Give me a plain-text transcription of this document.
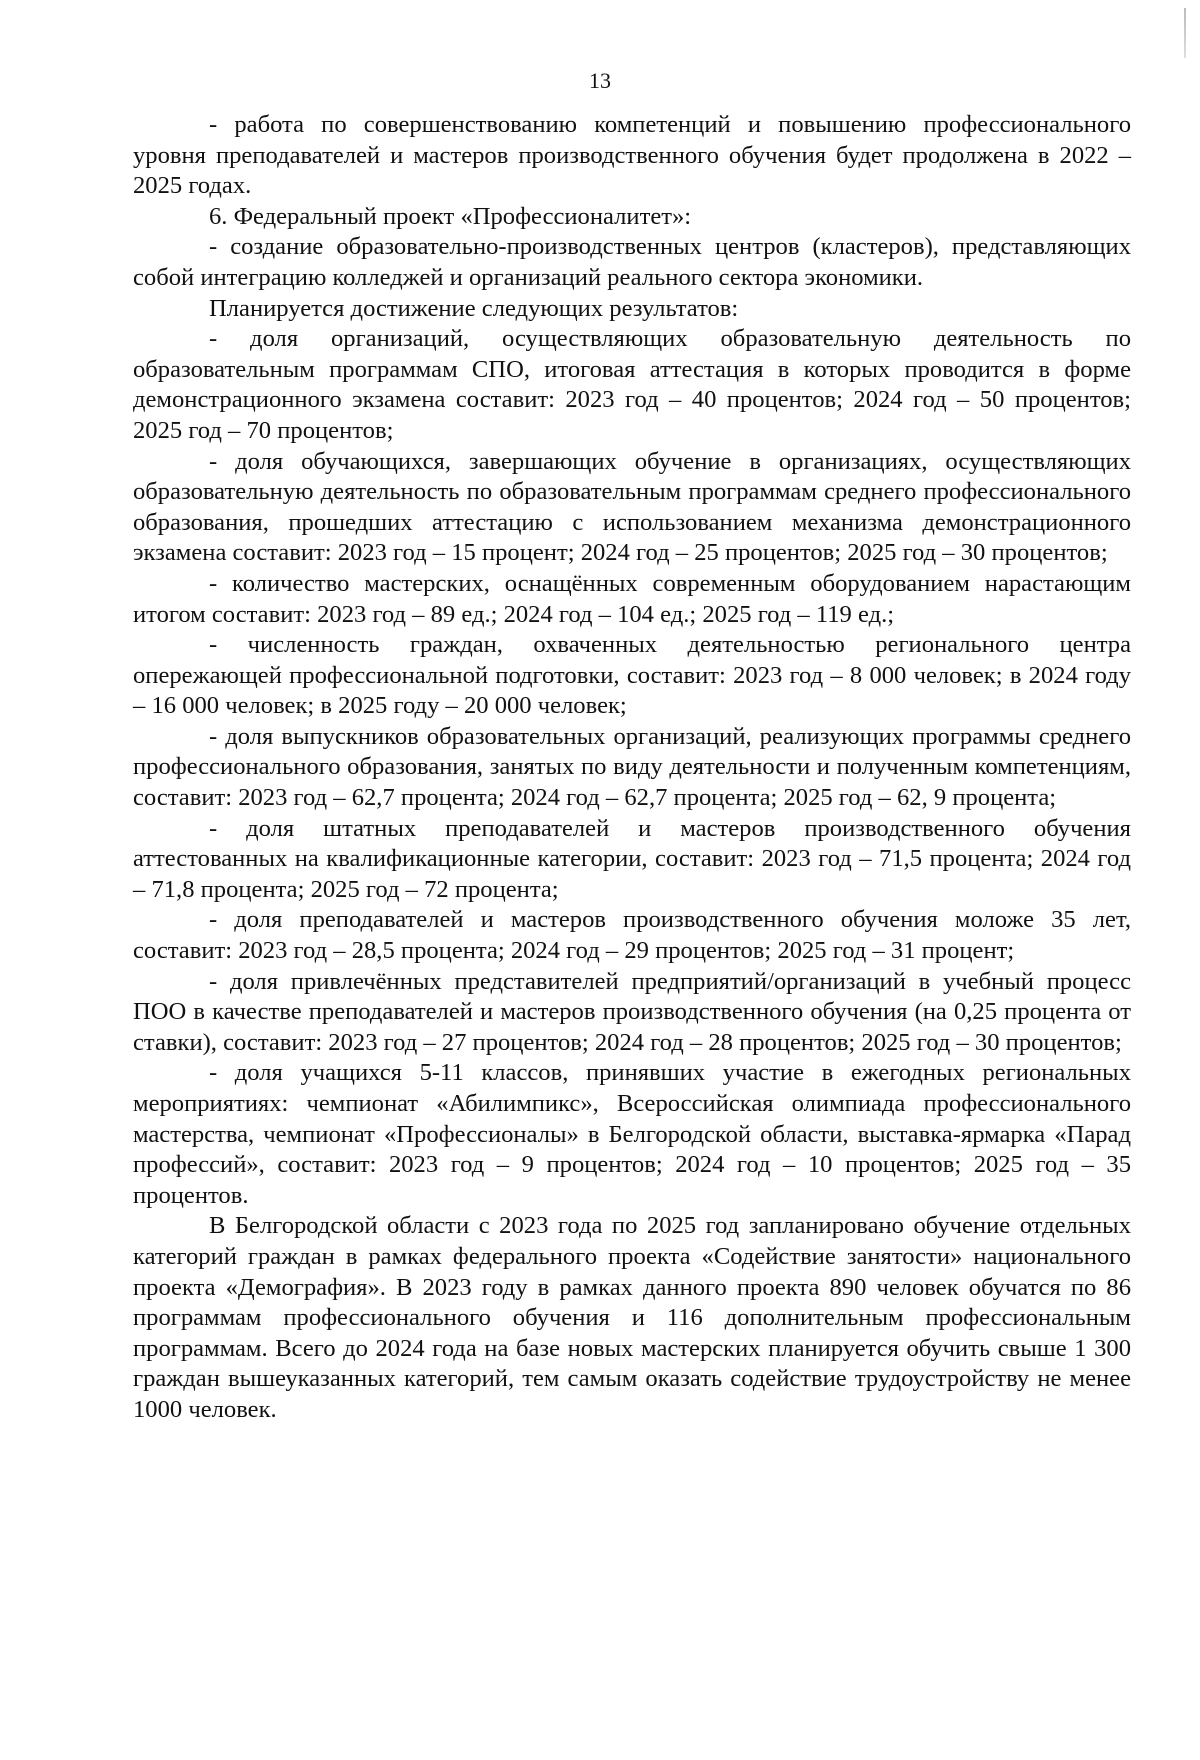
13

- работа по совершенствованию компетенций и повышению профессионального уровня преподавателей и мастеров производственного обучения будет продолжена в 2022 – 2025 годах.

6. Федеральный проект «Профессионалитет»:

- создание образовательно-производственных центров (кластеров), представляющих собой интеграцию колледжей и организаций реального сектора экономики.

Планируется достижение следующих результатов:

- доля организаций, осуществляющих образовательную деятельность по образовательным программам СПО, итоговая аттестация в которых проводится в форме демонстрационного экзамена составит: 2023 год – 40 процентов; 2024 год – 50 процентов; 2025 год – 70 процентов;

- доля обучающихся, завершающих обучение в организациях, осуществляющих образовательную деятельность по образовательным программам среднего профессионального образования, прошедших аттестацию с использованием механизма демонстрационного экзамена составит: 2023 год – 15 процент; 2024 год – 25 процентов; 2025 год – 30 процентов;

- количество мастерских, оснащённых современным оборудованием нарастающим итогом составит: 2023 год – 89 ед.; 2024 год – 104 ед.; 2025 год – 119 ед.;

- численность граждан, охваченных деятельностью регионального центра опережающей профессиональной подготовки, составит: 2023 год – 8 000 человек; в 2024 году – 16 000 человек; в 2025 году – 20 000 человек;

- доля выпускников образовательных организаций, реализующих программы среднего профессионального образования, занятых по виду деятельности и полученным компетенциям, составит: 2023 год – 62,7 процента; 2024 год – 62,7 процента; 2025 год – 62, 9 процента;

- доля штатных преподавателей и мастеров производственного обучения аттестованных на квалификационные категории, составит: 2023 год – 71,5 процента; 2024 год – 71,8 процента; 2025 год – 72 процента;

- доля преподавателей и мастеров производственного обучения моложе 35 лет, составит: 2023 год – 28,5 процента; 2024 год – 29 процентов; 2025 год – 31 процент;

- доля привлечённых представителей предприятий/организаций в учебный процесс ПОО в качестве преподавателей и мастеров производственного обучения (на 0,25 процента от ставки), составит: 2023 год – 27 процентов; 2024 год – 28 процентов; 2025 год – 30 процентов;

- доля учащихся 5-11 классов, принявших участие в ежегодных региональных мероприятиях: чемпионат «Абилимпикс», Всероссийская олимпиада профессионального мастерства, чемпионат «Профессионалы» в Белгородской области, выставка-ярмарка «Парад профессий», составит: 2023 год – 9 процентов; 2024 год – 10 процентов; 2025 год – 35 процентов.

В Белгородской области с 2023 года по 2025 год запланировано обучение отдельных категорий граждан в рамках федерального проекта «Содействие занятости» национального проекта «Демография». В 2023 году в рамках данного проекта 890 человек обучатся по 86 программам профессионального обучения и 116 дополнительным профессиональным программам. Всего до 2024 года на базе новых мастерских планируется обучить свыше 1 300 граждан вышеуказанных категорий, тем самым оказать содействие трудоустройству не менее 1000 человек.
